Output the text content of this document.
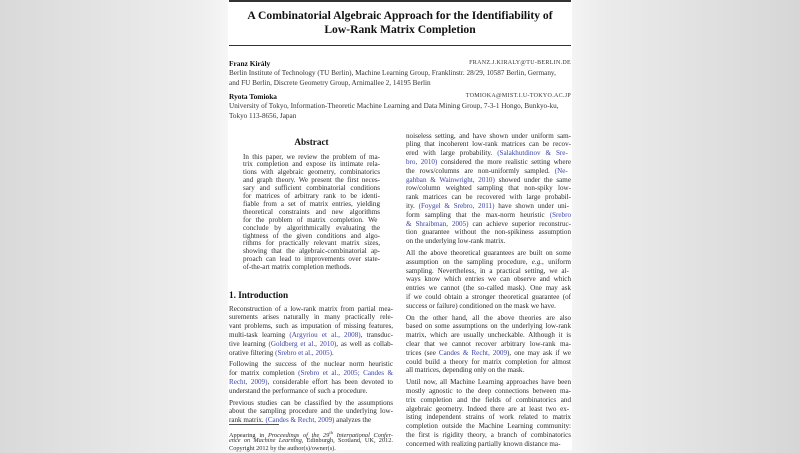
A Combinatorial Algebraic Approach for the Identifiability of
Low-Rank Matrix Completion
Franz Király	FRANZ.J.KIRALY@TU-BERLIN.DE
Berlin Institute of Technology (TU Berlin), Machine Learning Group, Franklinstr. 28/29, 10587 Berlin, Germany,
and FU Berlin, Discrete Geometry Group, Arnimallee 2, 14195 Berlin
Ryota Tomioka	TOMIOKA@MIST.I.U-TOKYO.AC.JP
University of Tokyo, Information-Theoretic Machine Learning and Data Mining Group, 7-3-1 Hongo, Bunkyo-ku,
Tokyo 113-8656, Japan
Abstract
1. Introduction
In this paper, we review the problem of ma-
trix completion and expose its intimate rela-
tions with algebraic geometry, combinatorics
and graph theory. We present the first neces-
sary and sufficient combinatorial conditions
for matrices of arbitrary rank to be identi-
fiable from a set of matrix entries, yielding
theoretical constraints and new algorithms
for the problem of matrix completion. We
conclude by algorithmically evaluating the
tightness of the given conditions and algo-
rithms for practically relevant matrix sizes,
showing that the algebraic-combinatorial ap-
proach can lead to improvements over state-
of-the-art matrix completion methods.
Reconstruction of a low-rank matrix from partial mea-
surements arises naturally in many practically rele-
vant problems, such as imputation of missing features,
multi-task learning (Argyriou et al., 2008), transduc-
tive learning (Goldberg et al., 2010), as well as collab-
orative filtering (Srebro et al., 2005).
Following the success of the nuclear norm heuristic
for matrix completion (Srebro et al., 2005; Candes &
Recht, 2009), considerable effort has been devoted to
understand the performance of such a procedure.
Previous studies can be classified by the assumptions
about the sampling procedure and the underlying low-
rank matrix. (Candes & Recht, 2009) analyzes the
Appearing in Proceedings of the 29th International Confer-
ence on Machine Learning, Edinburgh, Scotland, UK, 2012.
Copyright 2012 by the author(s)/owner(s).
noiseless setting, and have shown under uniform sam-
pling that incoherent low-rank matrices can be recov-
ered with large probability. (Salakhutdinov & Sre-
bro, 2010) considered the more realistic setting where
the rows/columns are non-uniformly sampled. (Ne-
gahban & Wainwright, 2010) showed under the same
row/column weighted sampling that non-spiky low-
rank matrices can be recovered with large probabil-
ity. (Foygel & Srebro, 2011) have shown under uni-
form sampling that the max-norm heuristic (Srebro
& Shraibman, 2005) can achieve superior reconstruc-
tion guarantee without the non-spikiness assumption
on the underlying low-rank matrix.
All the above theoretical guarantees are built on some
assumption on the sampling procedure, e.g., uniform
sampling. Nevertheless, in a practical setting, we al-
ways know which entries we can observe and which
entries we cannot (the so-called mask). One may ask
if we could obtain a stronger theoretical guarantee (of
success or failure) conditioned on the mask we have.
On the other hand, all the above theories are also
based on some assumptions on the underlying low-rank
matrix, which are usually uncheckable. Although it is
clear that we cannot recover arbitrary low-rank ma-
trices (see Candes & Recht, 2009), one may ask if we
could build a theory for matrix completion for almost
all matrices, depending only on the mask.
Until now, all Machine Learning approaches have been
mostly agnostic to the deep connections between ma-
trix completion and the fields of combinatorics and
algebraic geometry. Indeed there are at least two ex-
isting independent strains of work related to matrix
completion outside the Machine Learning community:
the first is rigidity theory, a branch of combinatorics
concerned with realizing partially known distance ma-
